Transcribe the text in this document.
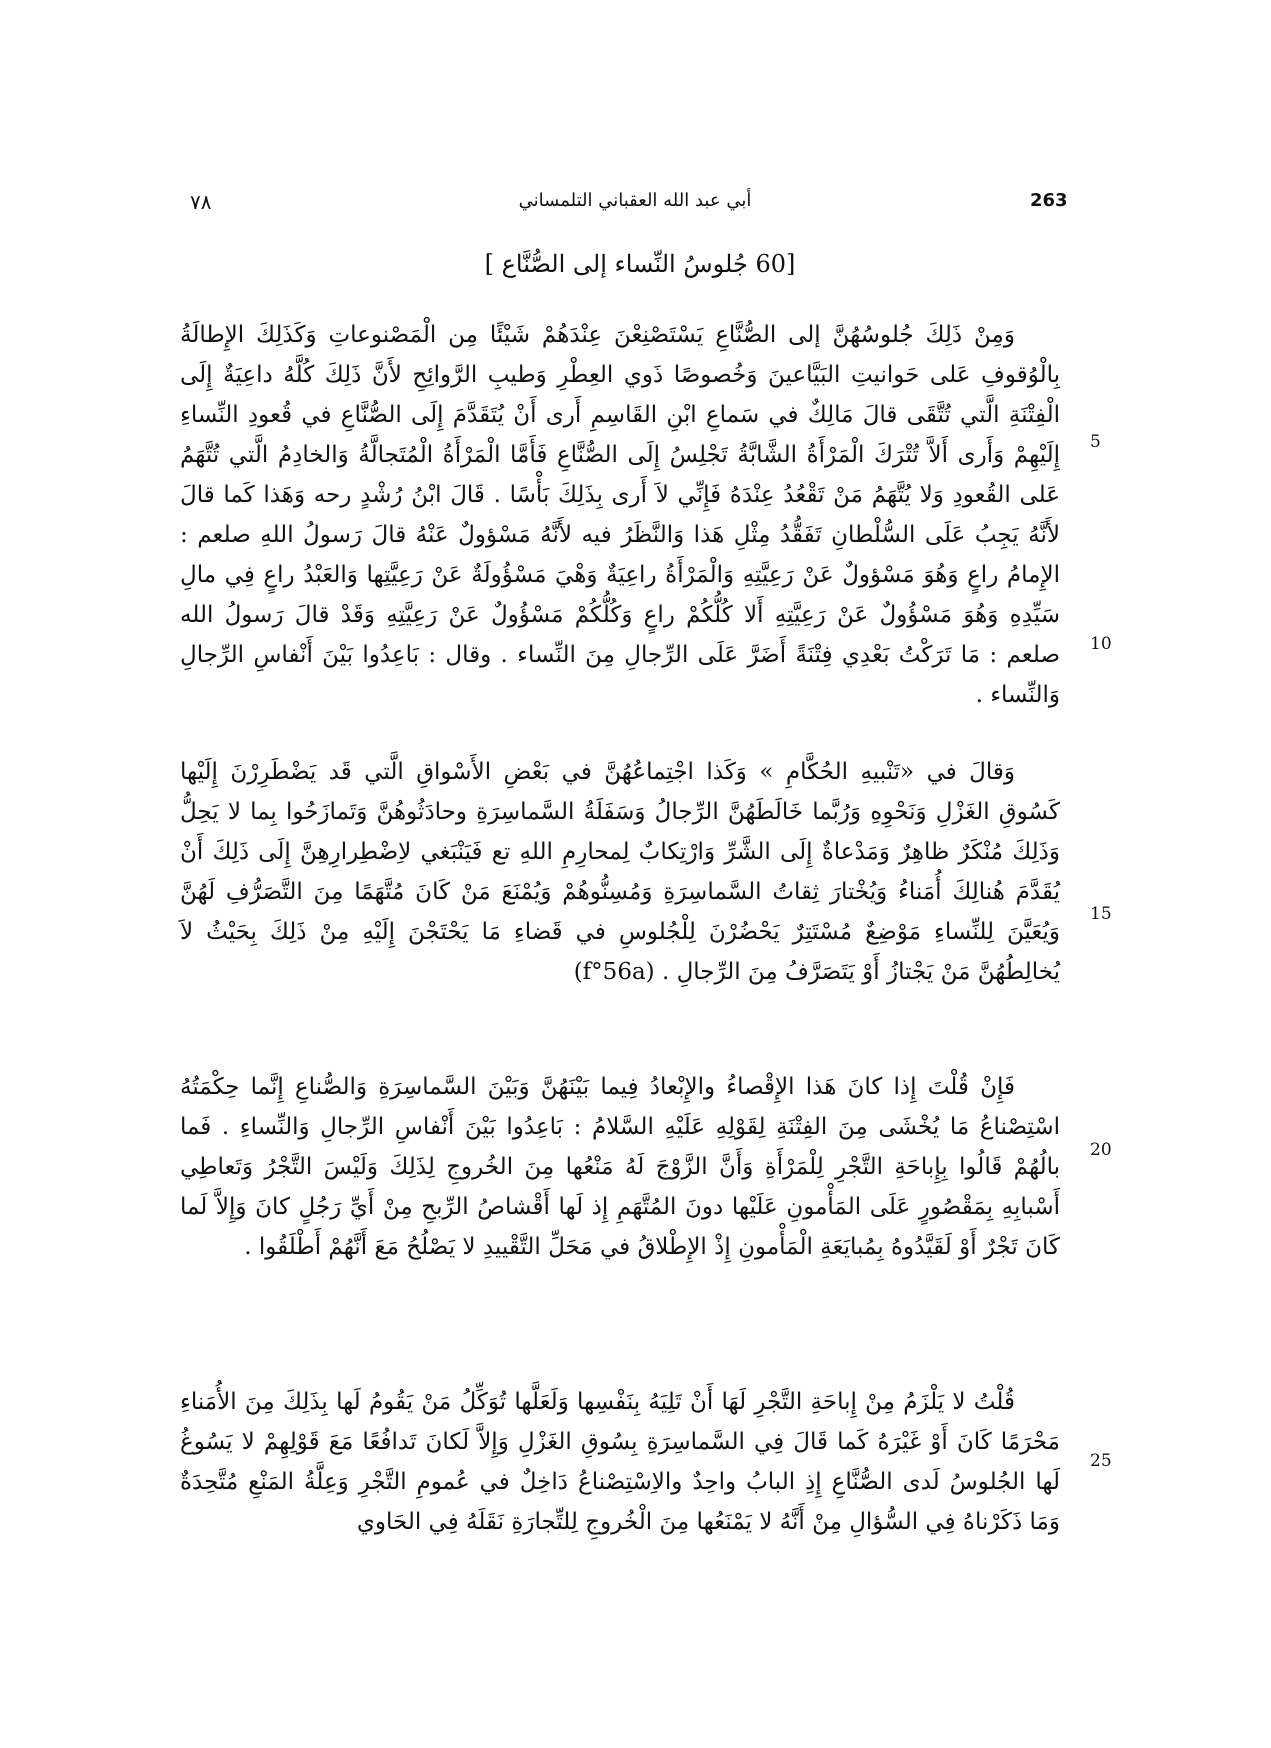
٧٨	أبي عبد الله العقباني التلمساني	263
[60 جُلوسُ النِّساء إلى الصُّنَّاع ]
وَمِنْ ذَلِكَ جُلوسُهُنَّ إلى الصُّنَّاعِ يَسْتَصْنِعْنَ عِنْدَهُمْ شَيْئًا مِن الْمَصْنوعاتِ وَكَذَلِكَ الإِطالَةُ بِالْوُقوفِ عَلى حَوانيتِ البَيَّاعينَ وَخُصوصًا ذَوي العِطْرِ وَطيبِ الرَّوائِحِ لأَنَّ ذَلِكَ كُلَّهُ داعِيَةٌ إِلَى الْفِتْنَةِ الَّتي تُتَّقَى قالَ مَالِكٌ في سَماعِ ابْنِ القَاسِمِ أَرى أَنْ يُتَقَدَّمَ إِلَى الصُّنَّاعِ في قُعودِ النِّساءِ إِلَيْهِمْ وَأَرى أَلاَّ تُتْرَكَ الْمَرْأَةُ الشَّابَّةُ تَجْلِسُ إِلَى الصُّنَّاعِ فَأَمَّا الْمَرْأَةُ الْمُتَجالَّةُ وَالخادِمُ الَّتي تُتَّهَمُ عَلى القُعودِ وَلا يُتَّهَمُ مَنْ تَقْعُدُ عِنْدَهُ فَإِنِّي لاَ أَرى بِذَلِكَ بَأْسًا . قَالَ ابْنُ رُشْدٍ رحه وَهَذا كَما قالَ لأَنَّهُ يَجِبُ عَلَى السُّلْطانِ تَفَقُّدُ مِثْلِ هَذا وَالنَّظَرُ فيه لأَنَّهُ مَسْؤولٌ عَنْهُ قالَ رَسولُ اللهِ صلعم : الإِمامُ راعٍ وَهُوَ مَسْؤولٌ عَنْ رَعِيَّتِهِ وَالْمَرْأَةُ راعِيَةٌ وَهْيَ مَسْؤُولَةٌ عَنْ رَعِيَّتِها وَالعَبْدُ راعٍ فِي مالِ سَيِّدِهِ وَهُوَ مَسْؤُولٌ عَنْ رَعِيَّتِهِ أَلا كُلُّكُمْ راعٍ وَكُلُّكُمْ مَسْؤُولٌ عَنْ رَعِيَّتِهِ وَقَدْ قالَ رَسولُ الله صلعم : مَا تَرَكْتُ بَعْدِي فِتْنَةً أَضَرَّ عَلَى الرِّجالِ مِنَ النِّساء . وقال : بَاعِدُوا بَيْنَ أَنْفاسِ الرِّجالِ وَالنِّساء .
وَقالَ في «تَنْبيهِ الحُكَّامِ » وَكَذا اجْتِماعُهُنَّ في بَعْضِ الأَسْواقِ الَّتي قَد يَضْطَرِرْنَ إِلَيْها كَسُوقِ الغَزْلِ وَنَحْوِهِ وَرُبَّما خَالَطَهُنَّ الرِّجالُ وَسَفَلَةُ السَّماسِرَةِ وحادَثُوهُنَّ وَتَمازَحُوا بِما لا يَحِلُّ وَذَلِكَ مُنْكَرٌ ظاهِرٌ وَمَدْعاةٌ إِلَى الشَّرِّ وَارْتِكابٌ لِمحارِمِ اللهِ تع فَيَنْبَغي لاِضْطِرارِهِنَّ إِلَى ذَلِكَ أَنْ يُقَدَّمَ هُنالِكَ أُمَناءُ وَيُخْتارَ ثِقاتُ السَّماسِرَةِ وَمُسِنُّوهُمْ وَيُمْنَعَ مَنْ كَانَ مُتَّهَمًا مِنَ التَّصَرُّفِ لَهُنَّ وَيُعَيَّنَ لِلنِّساءِ مَوْضِعٌ مُسْتَتِرٌ يَحْضُرْنَ لِلْجُلوسِ في قَضاءِ مَا يَحْتَجْنَ إِلَيْهِ مِنْ ذَلِكَ بِحَيْثُ لاَ يُخالِطُهُنَّ مَنْ يَجْتازُ أَوْ يَتَصَرَّفُ مِنَ الرِّجالِ . (f°56a)
فَإِنْ قُلْتَ إِذا كانَ هَذا الإِقْصاءُ والإِبْعادُ فِيما بَيْنَهُنَّ وَبَيْنَ السَّماسِرَةِ وَالصُّناعِ إِنَّما حِكْمَتُهُ اسْتِصْناعُ مَا يُخْشَى مِنَ الفِتْنَةِ لِقَوْلِهِ عَلَيْهِ السَّلامُ : بَاعِدُوا بَيْنَ أَنْفاسِ الرِّجالِ وَالنِّساءِ . فَما بالُهُمْ قَالُوا بِإِباحَةِ التَّجْرِ لِلْمَرْأَةِ وَأَنَّ الزَّوْجَ لَهُ مَنْعُها مِنَ الخُروجِ لِذَلِكَ وَلَيْسَ التَّجْرُ وَتَعاطِي أَسْبابِهِ بِمَقْصُورٍ عَلَى المَأْمونِ عَلَيْها دونَ المُتَّهَمِ إِذ لَها أَقْشاصُ الرِّبحِ مِنْ أَيِّ رَجُلٍ كانَ وَإِلاَّ لَما كَانَ تَجْرٌ أَوْ لَقَيَّدُوهُ بِمُبايَعَةِ الْمَأْمونِ إِذْ الإِطْلاقُ في مَحَلِّ التَّقْييدِ لا يَصْلُحُ مَعَ أَنَّهُمْ أَطْلَقُوا .
قُلْتُ لا يَلْزَمُ مِنْ إِباحَةِ التَّجْرِ لَهَا أَنْ تَلِيَهُ بِنَفْسِها وَلَعَلَّها تُوَكِّلُ مَنْ يَقُومُ لَها بِذَلِكَ مِنَ الأُمَناءِ مَحْرَمًا كَانَ أَوْ غَيْرَهُ كَما قَالَ فِي السَّماسِرَةِ بِسُوقِ الغَزْلِ وَإِلاَّ لَكانَ تَدافُعًا مَعَ قَوْلِهِمْ لا يَسُوغُ لَها الجُلوسُ لَدى الصُّنَّاعِ إِذِ البابُ واحِدٌ والاِسْتِصْناعُ دَاخِلٌ في عُمومِ التَّجْرِ وَعِلَّةُ المَنْعِ مُتَّحِدَةٌ وَمَا ذَكَرْناهُ فِي السُّؤالِ مِنْ أَنَّهُ لا يَمْنَعُها مِنَ الْخُروجِ لِلتِّجارَةِ نَقَلَهُ فِي الحَاوي
5
10
15
20
25
